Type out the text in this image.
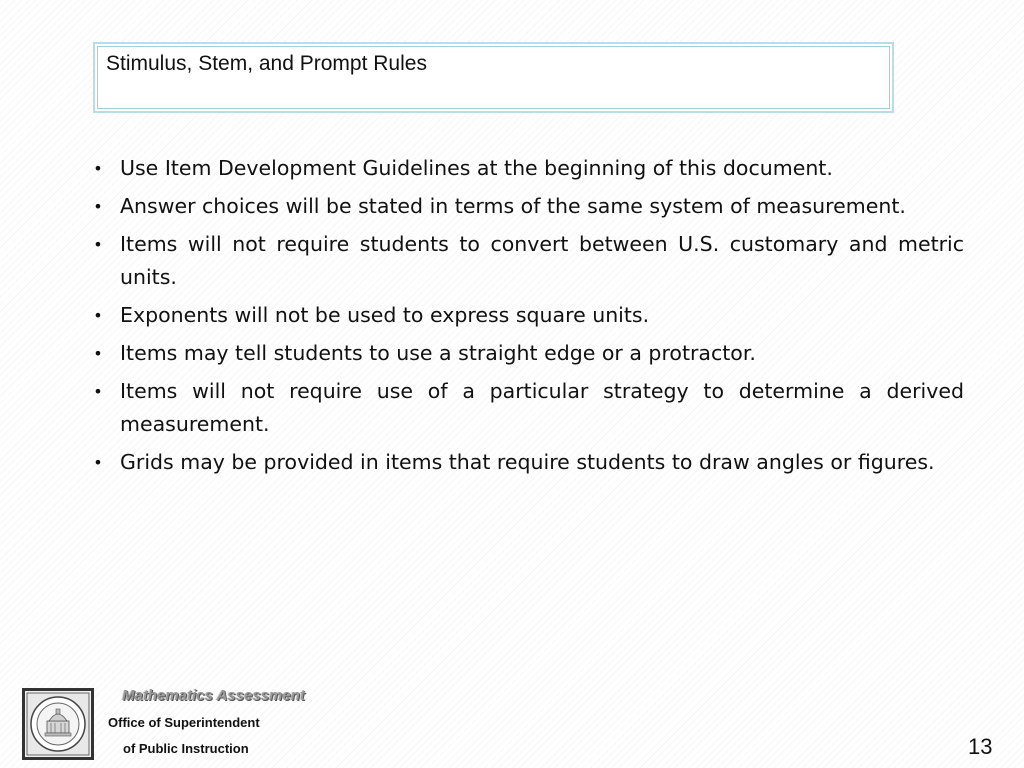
Stimulus, Stem, and Prompt Rules
• Use Item Development Guidelines at the beginning of this document.
• Answer choices will be stated in terms of the same system of measurement.
• Items will not require students to convert between U.S. customary and metric units.
• Exponents will not be used to express square units.
• Items may tell students to use a straight edge or a protractor.
• Items will not require use of a particular strategy to determine a derived measurement.
• Grids may be provided in items that require students to draw angles or figures.
Mathematics Assessment
Office of Superintendent
of Public Instruction	13
